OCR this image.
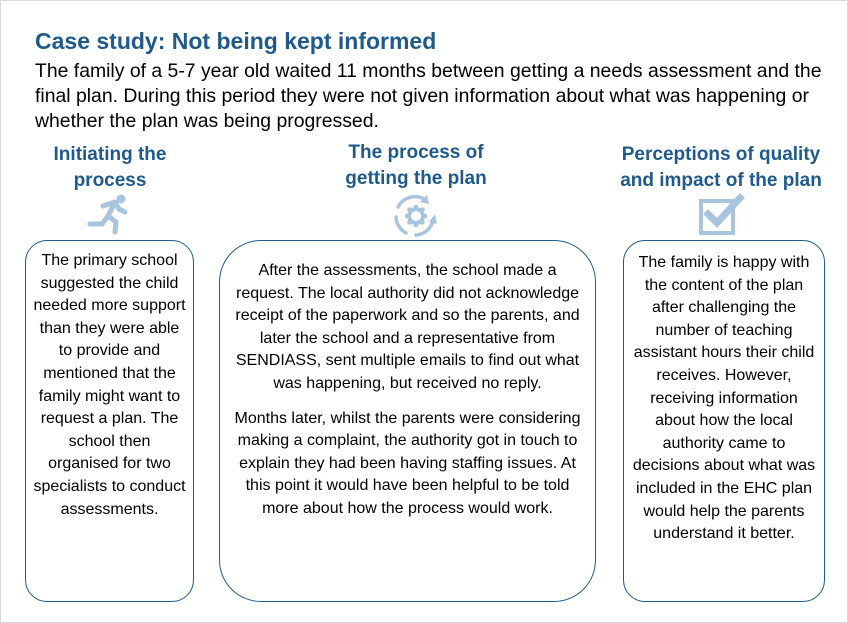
Case study: Not being kept informed
The family of a 5-7 year old waited 11 months between getting a needs assessment and the final plan. During this period they were not given information about what was happening or whether the plan was being progressed.
Initiating the
process
The process of
getting the plan
Perceptions of quality
and impact of the plan

The primary school suggested the child needed more support than they were able to provide and mentioned that the family might want to request a plan. The school then organised for two specialists to conduct assessments.

After the assessments, the school made a request. The local authority did not acknowledge receipt of the paperwork and so the parents, and later the school and a representative from SENDIASS, sent multiple emails to find out what was happening, but received no reply.

Months later, whilst the parents were considering making a complaint, the authority got in touch to explain they had been having staffing issues. At this point it would have been helpful to be told more about how the process would work.

The family is happy with the content of the plan after challenging the number of teaching assistant hours their child receives. However, receiving information about how the local authority came to decisions about what was included in the EHC plan would help the parents understand it better.
